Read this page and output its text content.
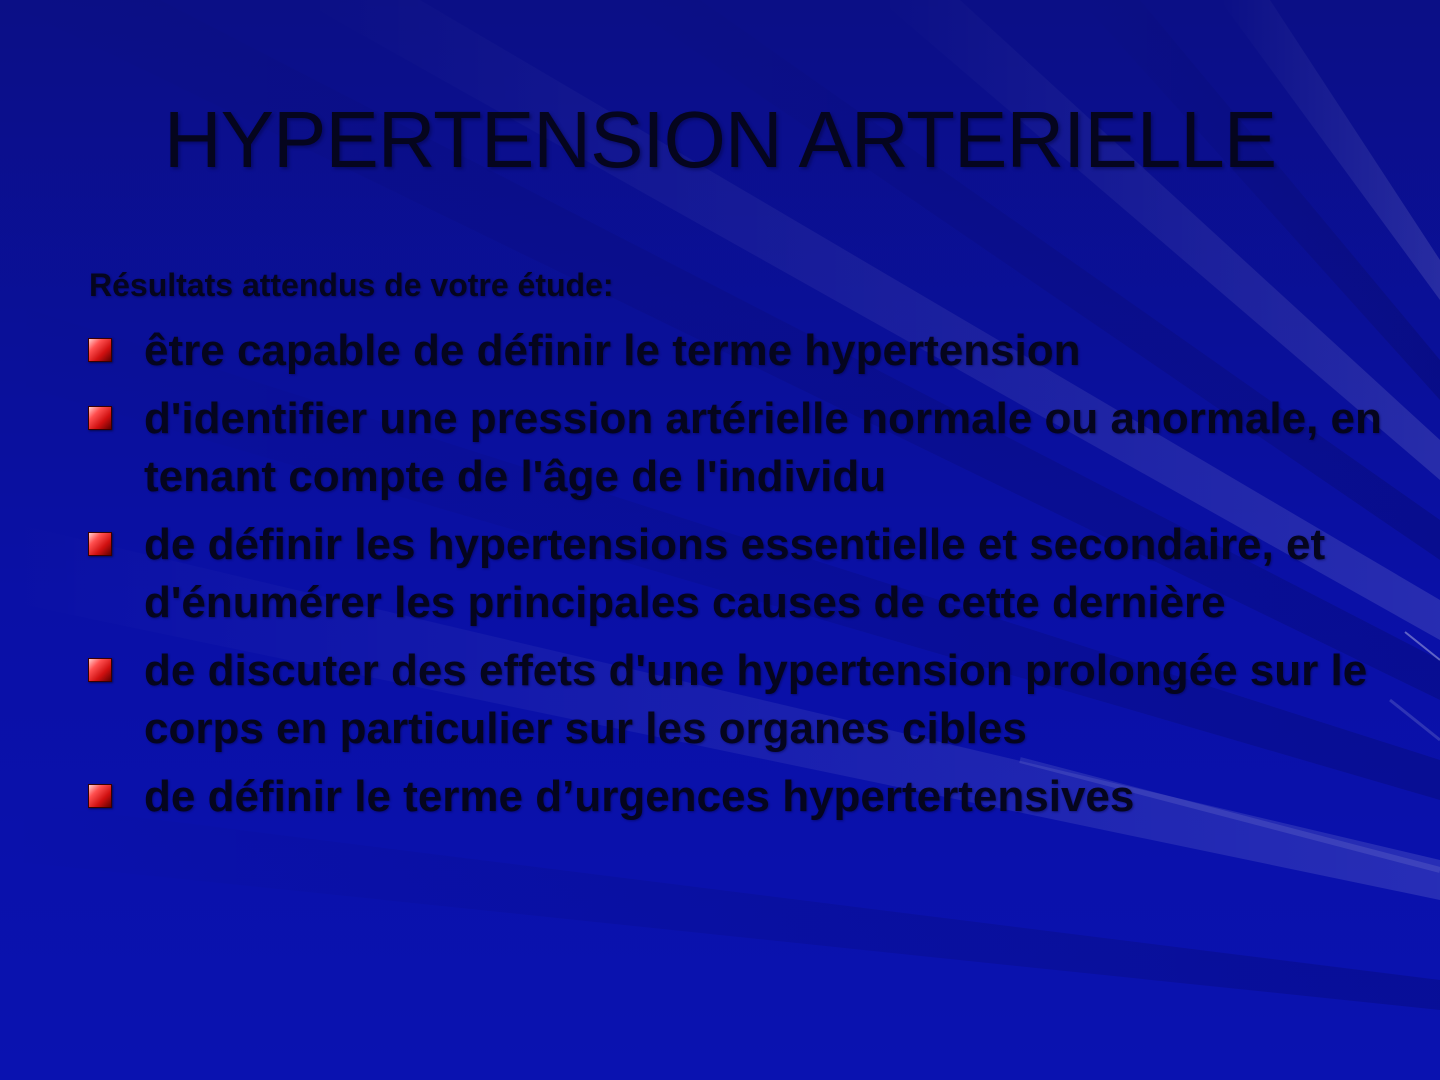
HYPERTENSION ARTERIELLE

Résultats attendus de votre étude:

être capable de définir le terme hypertension
d'identifier une pression artérielle normale ou anormale, en tenant compte de l'âge de l'individu
de définir les hypertensions essentielle et secondaire, et d'énumérer les principales causes de cette dernière
de discuter des effets d'une hypertension prolongée sur le corps en particulier sur les organes cibles
de définir le terme d’urgences hypertertensives
